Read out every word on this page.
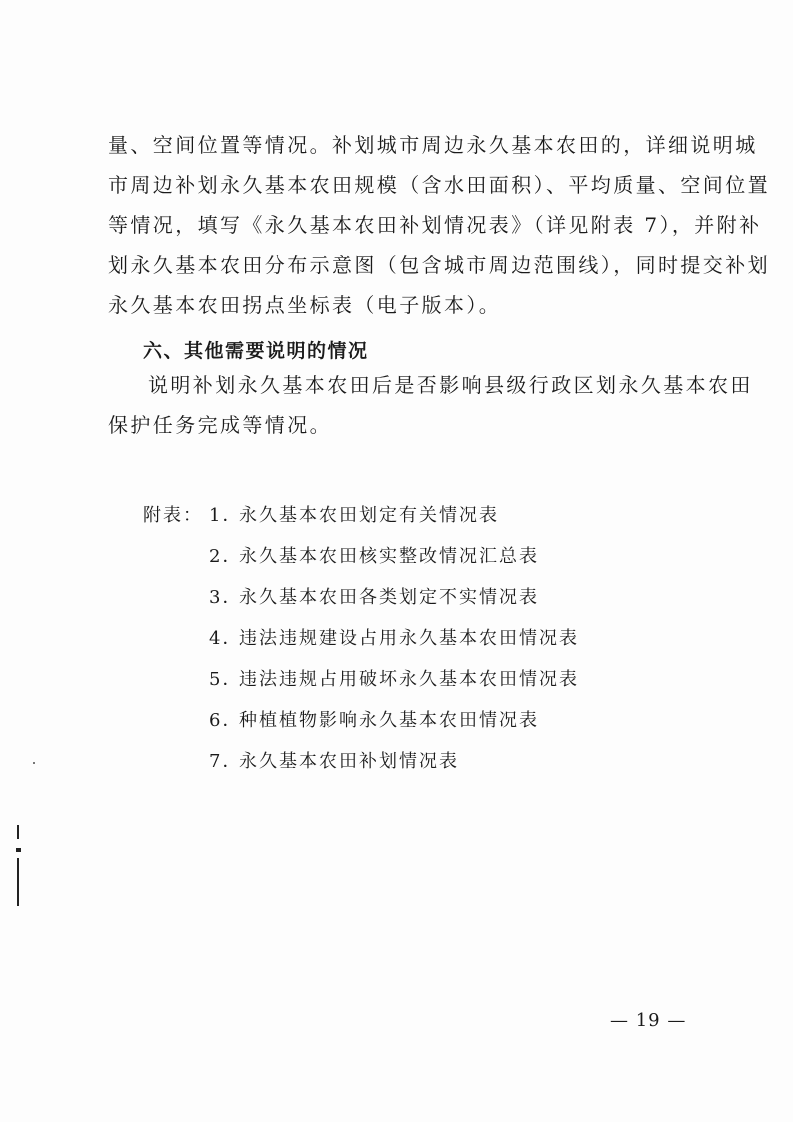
量、空间位置等情况。补划城市周边永久基本农田的，详细说明城
市周边补划永久基本农田规模（含水田面积）、平均质量、空间位置
等情况，填写《永久基本农田补划情况表》（详见附表 7），并附补
划永久基本农田分布示意图（包含城市周边范围线），同时提交补划
永久基本农田拐点坐标表（电子版本）。
六、其他需要说明的情况
说明补划永久基本农田后是否影响县级行政区划永久基本农田
保护任务完成等情况。
附表： 1．
永久基本农田划定有关情况表
2．
永久基本农田核实整改情况汇总表
3．
永久基本农田各类划定不实情况表
4．
违法违规建设占用永久基本农田情况表
5．
违法违规占用破坏永久基本农田情况表
6．
种植植物影响永久基本农田情况表
7．
永久基本农田补划情况表
— 19 —
